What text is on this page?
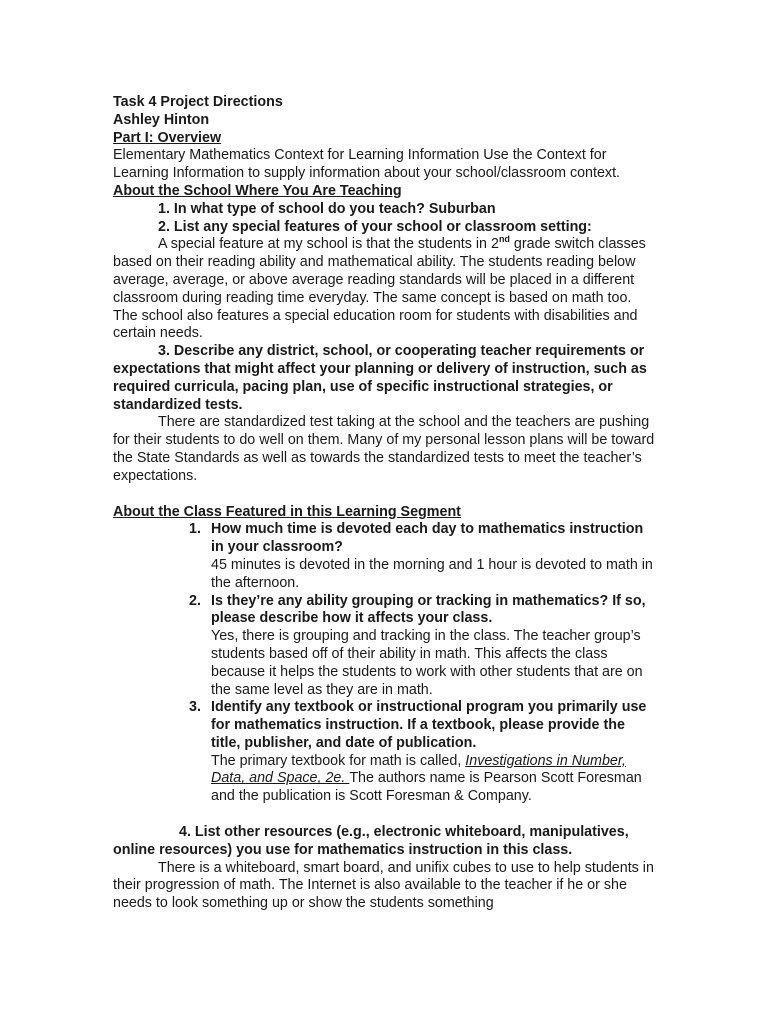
Task 4 Project Directions

Ashley Hinton

Part I: Overview

Elementary Mathematics Context for Learning Information Use the Context for Learning Information to supply information about your school/classroom context.

About the School Where You Are Teaching

1. In what type of school do you teach? Suburban

2. List any special features of your school or classroom setting:

A special feature at my school is that the students in 2nd grade switch classes based on their reading ability and mathematical ability. The students reading below average, average, or above average reading standards will be placed in a different classroom during reading time everyday. The same concept is based on math too. The school also features a special education room for students with disabilities and certain needs.

3. Describe any district, school, or cooperating teacher requirements or expectations that might affect your planning or delivery of instruction, such as required curricula, pacing plan, use of specific instructional strategies, or standardized tests.

There are standardized test taking at the school and the teachers are pushing for their students to do well on them. Many of my personal lesson plans will be toward the State Standards as well as towards the standardized tests to meet the teacher’s expectations.

About the Class Featured in this Learning Segment

1. How much time is devoted each day to mathematics instruction in your classroom?

45 minutes is devoted in the morning and 1 hour is devoted to math in the afternoon.

2. Is they’re any ability grouping or tracking in mathematics? If so, please describe how it affects your class.

Yes, there is grouping and tracking in the class. The teacher group’s students based off of their ability in math. This affects the class because it helps the students to work with other students that are on the same level as they are in math.

3. Identify any textbook or instructional program you primarily use for mathematics instruction. If a textbook, please provide the title, publisher, and date of publication.

The primary textbook for math is called, Investigations in Number, Data, and Space, 2e. The authors name is Pearson Scott Foresman and the publication is Scott Foresman & Company.

4. List other resources (e.g., electronic whiteboard, manipulatives, online resources) you use for mathematics instruction in this class.

There is a whiteboard, smart board, and unifix cubes to use to help students in their progression of math. The Internet is also available to the teacher if he or she needs to look something up or show the students something
